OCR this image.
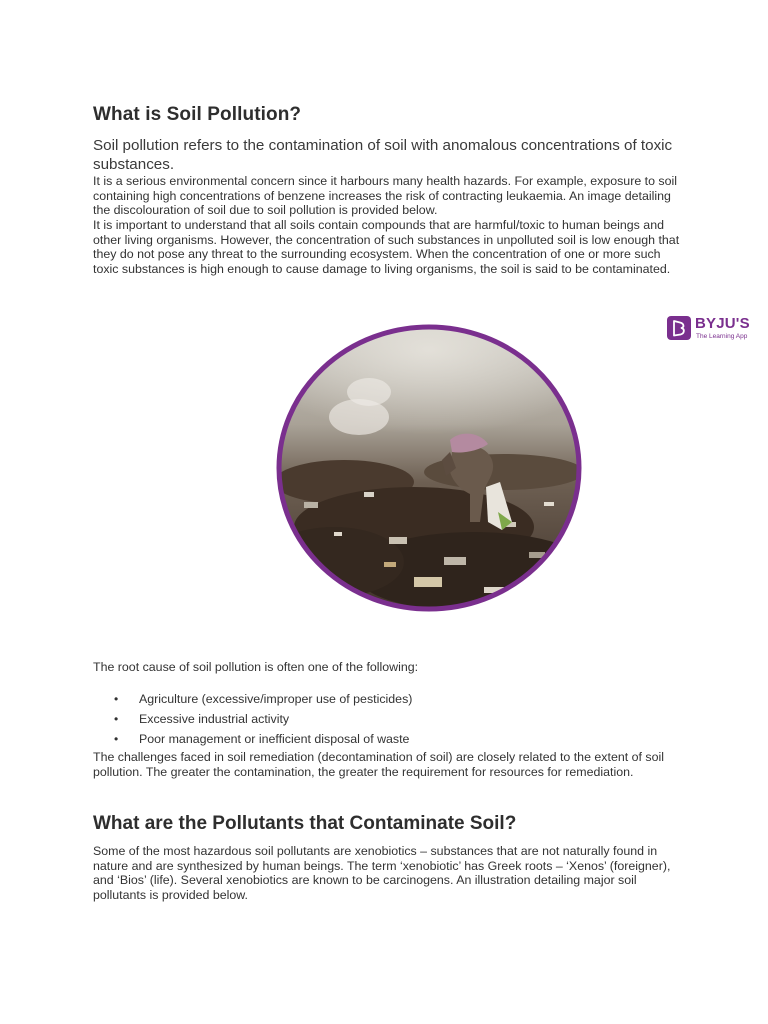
What is Soil Pollution?

Soil pollution refers to the contamination of soil with anomalous concentrations of toxic substances.

It is a serious environmental concern since it harbours many health hazards. For example, exposure to soil containing high concentrations of benzene increases the risk of contracting leukaemia. An image detailing the discolouration of soil due to soil pollution is provided below.

It is important to understand that all soils contain compounds that are harmful/toxic to human beings and other living organisms. However, the concentration of such substances in unpolluted soil is low enough that they do not pose any threat to the surrounding ecosystem. When the concentration of one or more such toxic substances is high enough to cause damage to living organisms, the soil is said to be contaminated.

BYJU'S
The Learning App

The root cause of soil pollution is often one of the following:

• Agriculture (excessive/improper use of pesticides)
• Excessive industrial activity
• Poor management or inefficient disposal of waste

The challenges faced in soil remediation (decontamination of soil) are closely related to the extent of soil pollution. The greater the contamination, the greater the requirement for resources for remediation.

What are the Pollutants that Contaminate Soil?

Some of the most hazardous soil pollutants are xenobiotics – substances that are not naturally found in nature and are synthesized by human beings. The term ‘xenobiotic’ has Greek roots – ‘Xenos’ (foreigner), and ‘Bios’ (life). Several xenobiotics are known to be carcinogens. An illustration detailing major soil pollutants is provided below.
